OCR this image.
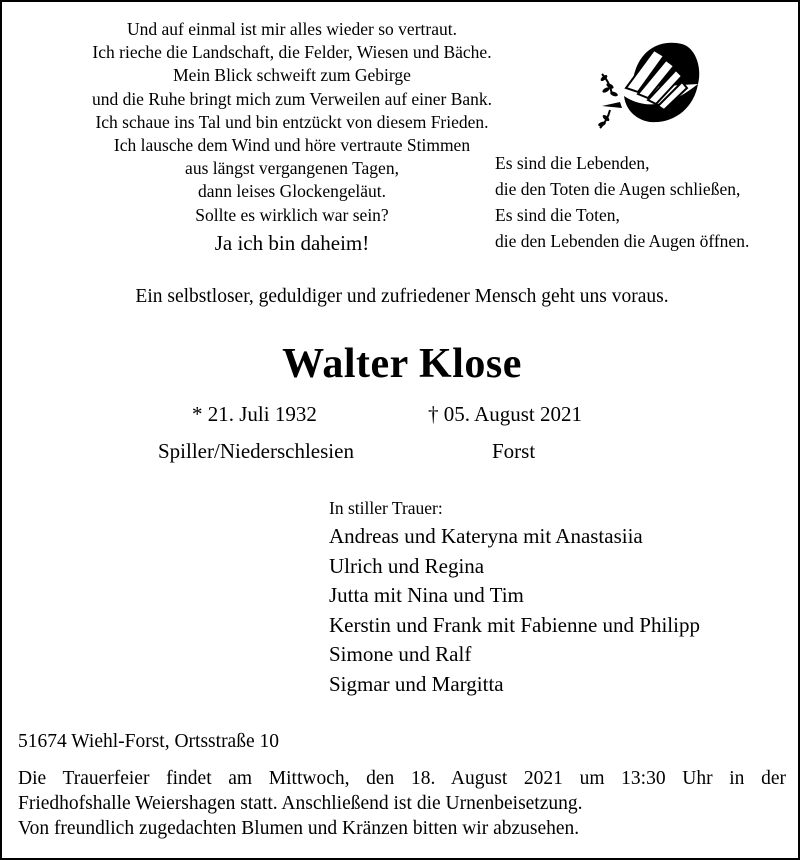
Und auf einmal ist mir alles wieder so vertraut.
Ich rieche die Landschaft, die Felder, Wiesen und Bäche.
Mein Blick schweift zum Gebirge
und die Ruhe bringt mich zum Verweilen auf einer Bank.
Ich schaue ins Tal und bin entzückt von diesem Frieden.
Ich lausche dem Wind und höre vertraute Stimmen
aus längst vergangenen Tagen,
dann leises Glockengeläut.
Sollte es wirklich war sein?
Ja ich bin daheim!
Es sind die Lebenden,
die den Toten die Augen schließen,
Es sind die Toten,
die den Lebenden die Augen öffnen.
Ein selbstloser, geduldiger und zufriedener Mensch geht uns voraus.
Walter Klose
* 21. Juli 1932	† 05. August 2021
Spiller/Niederschlesien	Forst
In stiller Trauer:
Andreas und Kateryna mit Anastasiia
Ulrich und Regina
Jutta mit Nina und Tim
Kerstin und Frank mit Fabienne und Philipp
Simone und Ralf
Sigmar und Margitta
51674 Wiehl-Forst, Ortsstraße 10
Die Trauerfeier findet am Mittwoch, den 18. August 2021 um 13:30 Uhr in der
Friedhofshalle Weiershagen statt. Anschließend ist die Urnenbeisetzung.
Von freundlich zugedachten Blumen und Kränzen bitten wir abzusehen.
